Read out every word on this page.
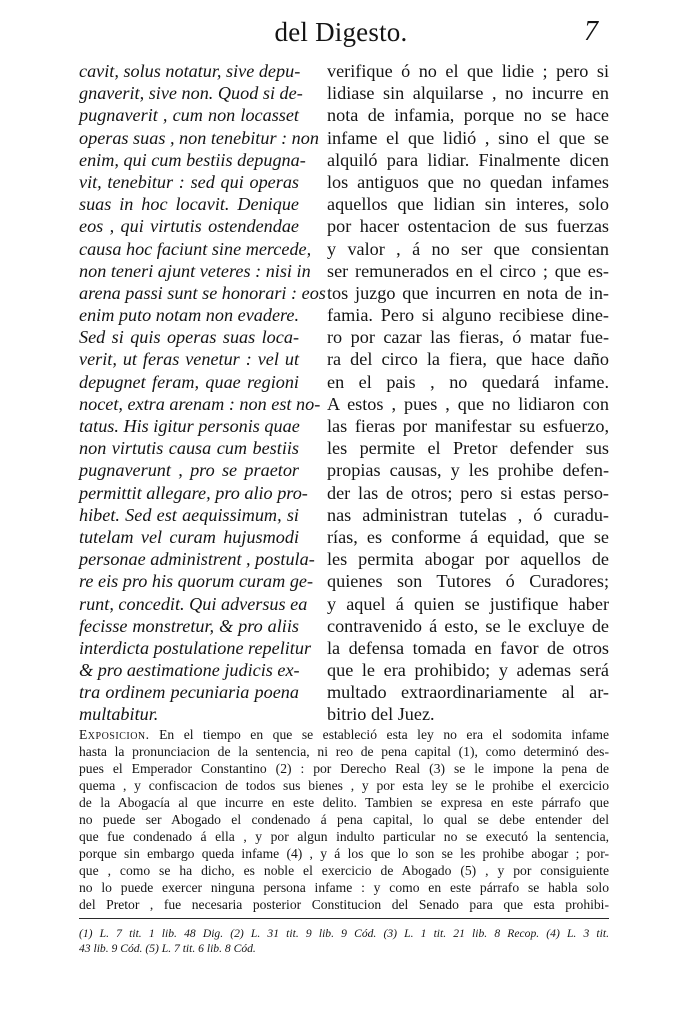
del Digesto.	7
cavit, solus notatur, sive depu-
gnaverit, sive non. Quod si de-
pugnaverit , cum non locasset
operas suas , non tenebitur : non
enim, qui cum bestiis depugna-
vit, tenebitur : sed qui operas
suas in hoc locavit. Denique
eos , qui virtutis ostendendae
causa hoc faciunt sine mercede,
non teneri ajunt veteres : nisi in
arena passi sunt se honorari : eos
enim puto notam non evadere.
Sed si quis operas suas loca-
verit, ut feras venetur : vel ut
depugnet feram, quae regioni
nocet, extra arenam : non est no-
tatus. His igitur personis quae
non virtutis causa cum bestiis
pugnaverunt , pro se praetor
permittit allegare, pro alio pro-
hibet. Sed est aequissimum, si
tutelam vel curam hujusmodi
personae administrent , postula-
re eis pro his quorum curam ge-
runt, concedit. Qui adversus ea
fecisse monstretur, & pro aliis
interdicta postulatione repelitur
& pro aestimatione judicis ex-
tra ordinem pecuniaria poena
multabitur.
verifique ó no el que lidie ; pero si
lidiase sin alquilarse , no incurre en
nota de infamia, porque no se hace
infame el que lidió , sino el que se
alquiló para lidiar. Finalmente dicen
los antiguos que no quedan infames
aquellos que lidian sin interes, solo
por hacer ostentacion de sus fuerzas
y valor , á no ser que consientan
ser remunerados en el circo ; que es-
tos juzgo que incurren en nota de in-
famia. Pero si alguno recibiese dine-
ro por cazar las fieras, ó matar fue-
ra del circo la fiera, que hace daño
en el pais , no quedará infame.
A estos , pues , que no lidiaron con
las fieras por manifestar su esfuerzo,
les permite el Pretor defender sus
propias causas, y les prohibe defen-
der las de otros; pero si estas perso-
nas administran tutelas , ó curadu-
rías, es conforme á equidad, que se
les permita abogar por aquellos de
quienes son Tutores ó Curadores;
y aquel á quien se justifique haber
contravenido á esto, se le excluye de
la defensa tomada en favor de otros
que le era prohibido; y ademas será
multado extraordinariamente al ar-
bitrio del Juez.
Exposicion. En el tiempo en que se estableció esta ley no era el sodomita infame
hasta la pronunciacion de la sentencia, ni reo de pena capital (1), como determinó des-
pues el Emperador Constantino (2) : por Derecho Real (3) se le impone la pena de
quema , y confiscacion de todos sus bienes , y por esta ley se le prohibe el exercicio
de la Abogacía al que incurre en este delito. Tambien se expresa en este párrafo que
no puede ser Abogado el condenado á pena capital, lo qual se debe entender del
que fue condenado á ella , y por algun indulto particular no se executó la sentencia,
porque sin embargo queda infame (4) , y á los que lo son se les prohibe abogar ; por-
que , como se ha dicho, es noble el exercicio de Abogado (5) , y por consiguiente
no lo puede exercer ninguna persona infame : y como en este párrafo se habla solo
del Pretor , fue necesaria posterior Constitucion del Senado para que esta prohibi-
(1) L. 7 tit. 1 lib. 48 Dig. (2) L. 31 tit. 9 lib. 9 Cód. (3) L. 1 tit. 21 lib. 8 Recop. (4) L. 3 tit.
43 lib. 9 Cód. (5) L. 7 tit. 6 lib. 8 Cód.
